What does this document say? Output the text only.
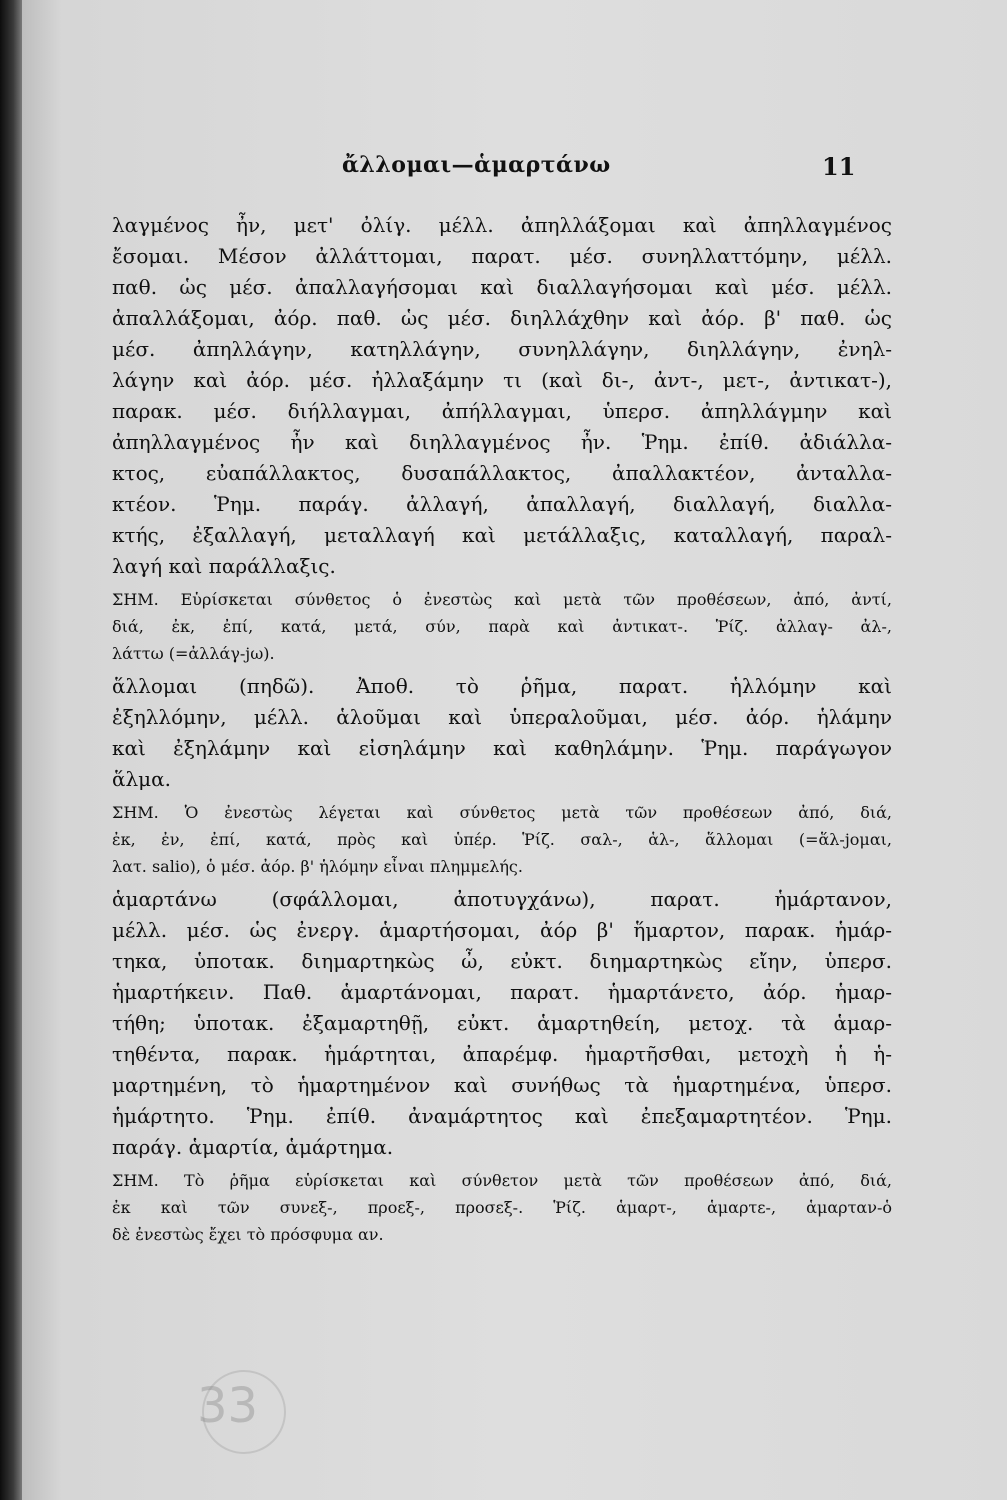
ἄλλομαι—ἁμαρτάνω	11
λαγμένος ἦν, μετ' ὀλίγ. μέλλ. ἀπηλλάξομαι καὶ ἀπηλλαγμένος
ἔσομαι. Μέσον ἀλλάττομαι, παρατ. μέσ. συνηλλαττόμην, μέλλ.
παθ. ὡς μέσ. ἀπαλλαγήσομαι καὶ διαλλαγήσομαι καὶ μέσ. μέλλ.
ἀπαλλάξομαι, ἀόρ. παθ. ὡς μέσ. διηλλάχθην καὶ ἀόρ. β' παθ. ὡς
μέσ. ἀπηλλάγην, κατηλλάγην, συνηλλάγην, διηλλάγην, ἐνηλ-
λάγην καὶ ἀόρ. μέσ. ἠλλαξάμην τι (καὶ δι-, ἀντ-, μετ-, ἀντικατ-),
παρακ. μέσ. διήλλαγμαι, ἀπήλλαγμαι, ὑπερσ. ἀπηλλάγμην καὶ
ἀπηλλαγμένος ἦν καὶ διηλλαγμένος ἦν. Ῥημ. ἐπίθ. ἀδιάλλα-
κτος, εὐαπάλλακτος, δυσαπάλλακτος, ἀπαλλακτέον, ἀνταλλα-
κτέον. Ῥημ. παράγ. ἀλλαγή, ἀπαλλαγή, διαλλαγή, διαλλα-
κτής, ἐξαλλαγή, μεταλλαγή καὶ μετάλλαξις, καταλλαγή, παραλ-
λαγή καὶ παράλλαξις.
ΣΗΜ. Εὑρίσκεται σύνθετος ὁ ἐνεστὼς καὶ μετὰ τῶν προθέσεων, ἀπό, ἀντί,
διά, ἐκ, ἐπί, κατά, μετά, σύν, παρὰ καὶ ἀντικατ-. Ῥίζ. ἀλλαγ- ἀλ-,
λάττω (=ἀλλάγ-jω).
ἅλλομαι (πηδῶ). Ἀποθ. τὸ ῥῆμα, παρατ. ἡλλόμην καὶ
ἐξηλλόμην, μέλλ. ἁλοῦμαι καὶ ὑπεραλοῦμαι, μέσ. ἀόρ. ἡλάμην
καὶ ἐξηλάμην καὶ εἰσηλάμην καὶ καθηλάμην. Ῥημ. παράγωγον
ἅλμα.
ΣΗΜ. Ὁ ἐνεστὼς λέγεται καὶ σύνθετος μετὰ τῶν προθέσεων ἀπό, διά,
ἐκ, ἐν, ἐπί, κατά, πρὸς καὶ ὑπέρ. Ῥίζ. σαλ-, ἁλ-, ἅλλομαι (=ἅλ-jομαι,
λατ. salio), ὁ μέσ. ἀόρ. β' ἡλόμην εἶναι πλημμελής.
ἁμαρτάνω (σφάλλομαι, ἀποτυγχάνω), παρατ. ἡμάρτανον,
μέλλ. μέσ. ὡς ἐνεργ. ἁμαρτήσομαι, ἀόρ β' ἥμαρτον, παρακ. ἡμάρ-
τηκα, ὑποτακ. διημαρτηκὼς ὦ, εὐκτ. διημαρτηκὼς εἴην, ὑπερσ.
ἡμαρτήκειν. Παθ. ἁμαρτάνομαι, παρατ. ἡμαρτάνετο, ἀόρ. ἡμαρ-
τήθη; ὑποτακ. ἐξαμαρτηθῇ, εὐκτ. ἁμαρτηθείη, μετοχ. τὰ ἁμαρ-
τηθέντα, παρακ. ἡμάρτηται, ἀπαρέμφ. ἡμαρτῆσθαι, μετοχὴ ἡ ἡ-
μαρτημένη, τὸ ἡμαρτημένον καὶ συνήθως τὰ ἡμαρτημένα, ὑπερσ.
ἡμάρτητο. Ῥημ. ἐπίθ. ἀναμάρτητος καὶ ἐπεξαμαρτητέον. Ῥημ.
παράγ. ἁμαρτία, ἁμάρτημα.
ΣΗΜ. Τὸ ῥῆμα εὑρίσκεται καὶ σύνθετον μετὰ τῶν προθέσεων ἀπό, διά,
ἐκ καὶ τῶν συνεξ-, προεξ-, προσεξ-. Ῥίζ. ἁμαρτ-, ἁμαρτε-, ἁμαρταν-ὁ
δὲ ἐνεστὼς ἔχει τὸ πρόσφυμα αν.
33
